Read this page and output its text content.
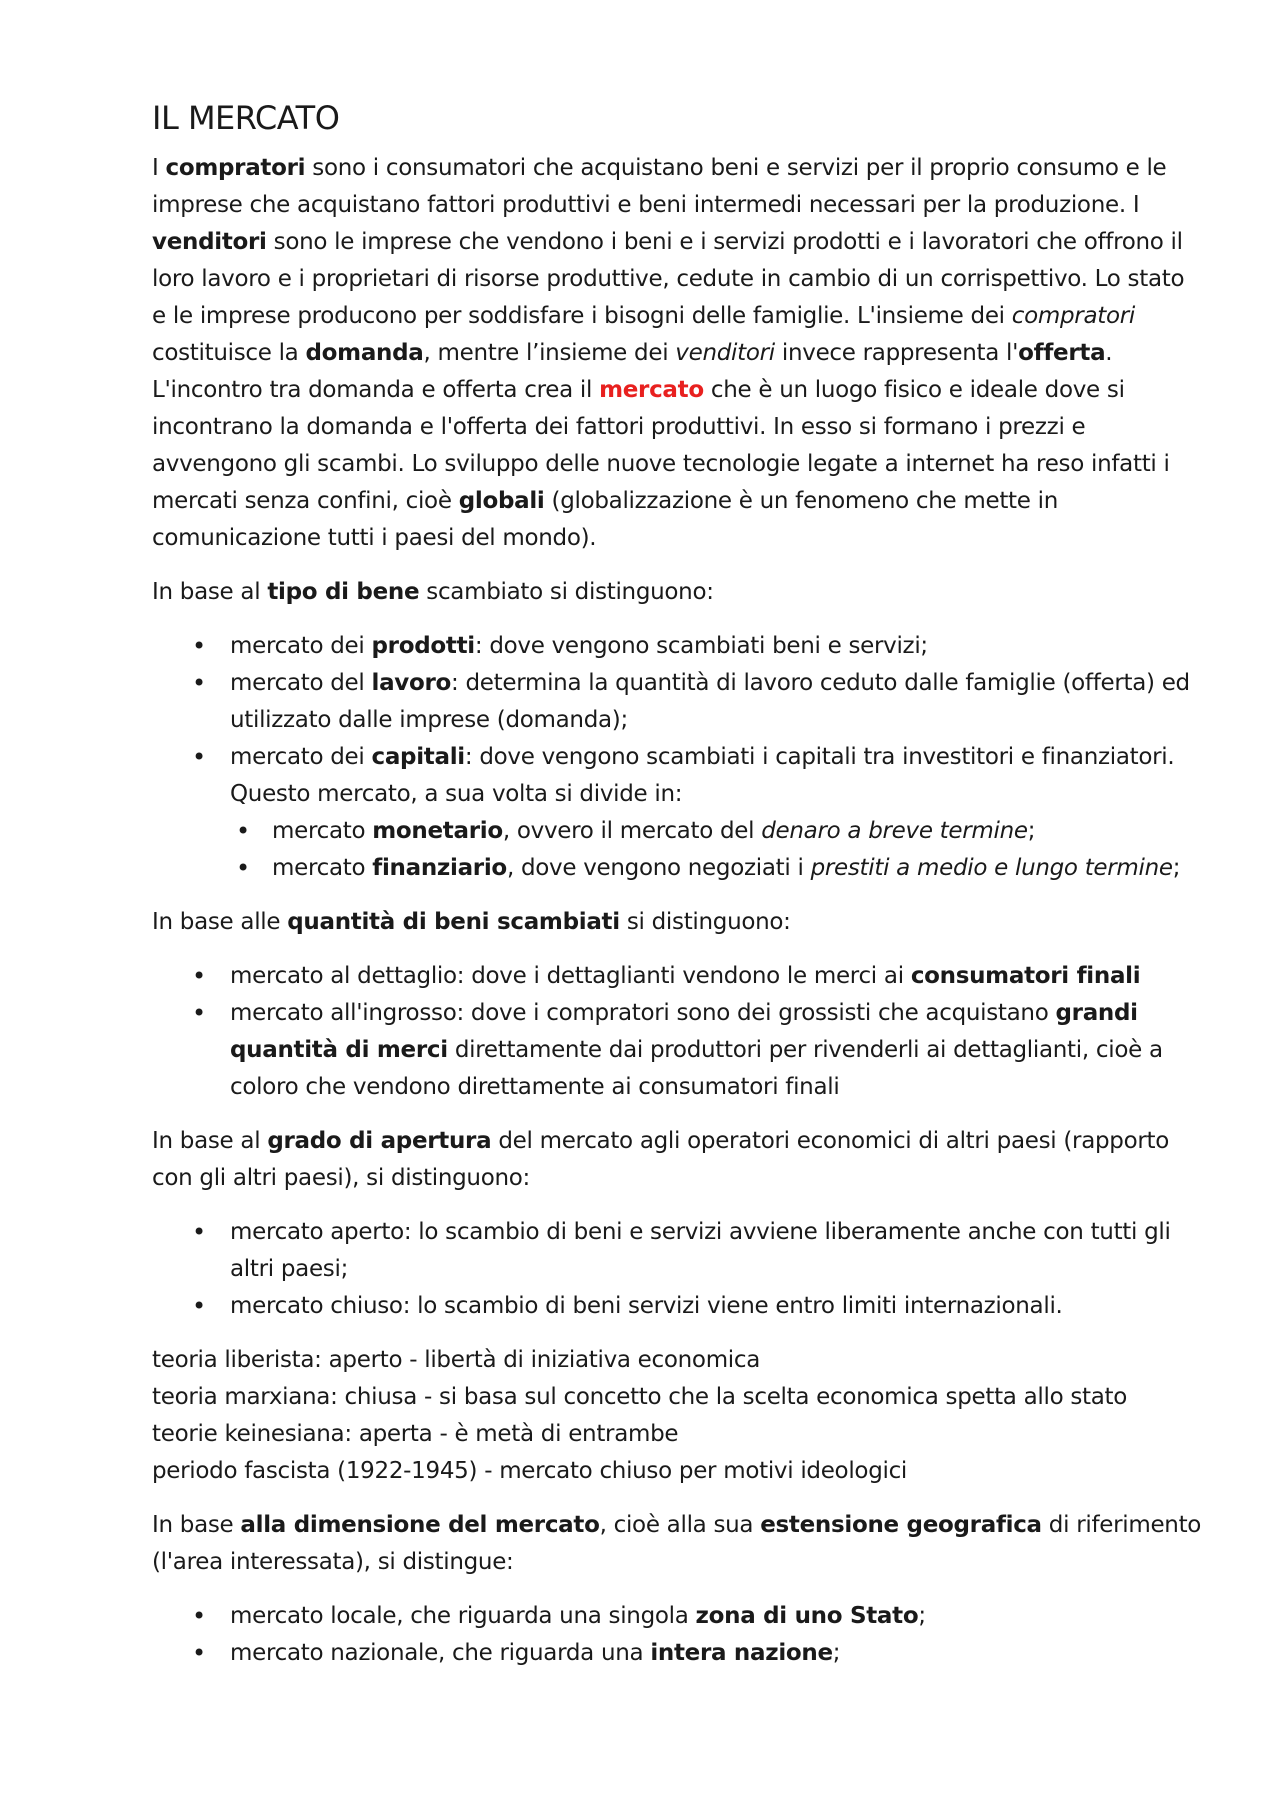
IL MERCATO

I compratori sono i consumatori che acquistano beni e servizi per il proprio consumo e le imprese che acquistano fattori produttivi e beni intermedi necessari per la produzione. I venditori sono le imprese che vendono i beni e i servizi prodotti e i lavoratori che offrono il loro lavoro e i proprietari di risorse produttive, cedute in cambio di un corrispettivo. Lo stato e le imprese producono per soddisfare i bisogni delle famiglie. L'insieme dei compratori costituisce la domanda, mentre l’insieme dei venditori invece rappresenta l'offerta. L'incontro tra domanda e offerta crea il mercato che è un luogo fisico e ideale dove si incontrano la domanda e l'offerta dei fattori produttivi. In esso si formano i prezzi e avvengono gli scambi. Lo sviluppo delle nuove tecnologie legate a internet ha reso infatti i mercati senza confini, cioè globali (globalizzazione è un fenomeno che mette in comunicazione tutti i paesi del mondo).

In base al tipo di bene scambiato si distinguono:

• mercato dei prodotti: dove vengono scambiati beni e servizi;
• mercato del lavoro: determina la quantità di lavoro ceduto dalle famiglie (offerta) ed utilizzato dalle imprese (domanda);
• mercato dei capitali: dove vengono scambiati i capitali tra investitori e finanziatori. Questo mercato, a sua volta si divide in:
• mercato monetario, ovvero il mercato del denaro a breve termine;
• mercato finanziario, dove vengono negoziati i prestiti a medio e lungo termine;

In base alle quantità di beni scambiati si distinguono:

• mercato al dettaglio: dove i dettaglianti vendono le merci ai consumatori finali
• mercato all'ingrosso: dove i compratori sono dei grossisti che acquistano grandi quantità di merci direttamente dai produttori per rivenderli ai dettaglianti, cioè a coloro che vendono direttamente ai consumatori finali

In base al grado di apertura del mercato agli operatori economici di altri paesi (rapporto con gli altri paesi), si distinguono:

• mercato aperto: lo scambio di beni e servizi avviene liberamente anche con tutti gli altri paesi;
• mercato chiuso: lo scambio di beni servizi viene entro limiti internazionali.
teoria liberista: aperto - libertà di iniziativa economica
teoria marxiana: chiusa - si basa sul concetto che la scelta economica spetta allo stato
teorie keinesiana: aperta - è metà di entrambe
periodo fascista (1922-1945) - mercato chiuso per motivi ideologici

In base alla dimensione del mercato, cioè alla sua estensione geografica di riferimento (l'area interessata), si distingue:

• mercato locale, che riguarda una singola zona di uno Stato;
• mercato nazionale, che riguarda una intera nazione;
